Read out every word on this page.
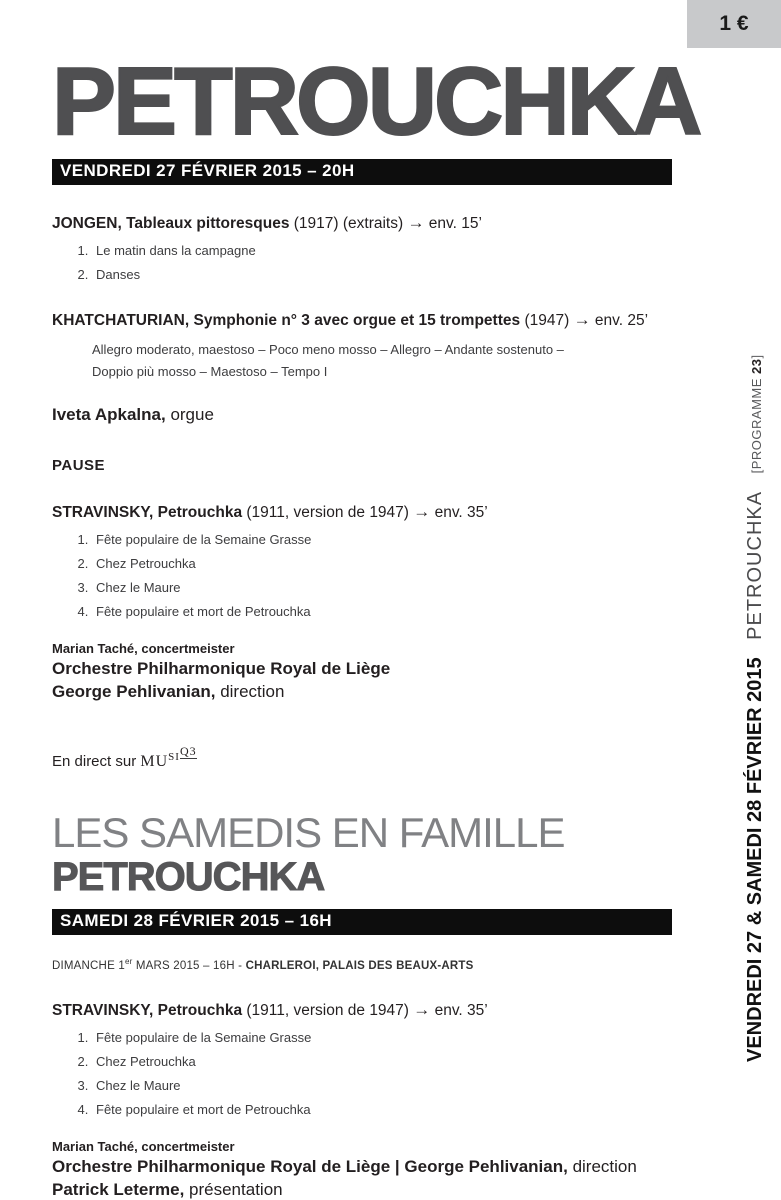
1 €
VENDREDI 27 & SAMEDI 28 FÉVRIER 2015 PETROUCHKA [PROGRAMME 23]
PETROUCHKA
VENDREDI 27 FÉVRIER 2015 – 20H

JONGEN, Tableaux pittoresques (1917) (extraits) → env. 15’

1. Le matin dans la campagne
2. Danses

KHATCHATURIAN, Symphonie n° 3 avec orgue et 15 trompettes (1947) → env. 25’

Allegro moderato, maestoso – Poco meno mosso – Allegro – Andante sostenuto –

Doppio più mosso – Maestoso – Tempo I

Iveta Apkalna, orgue

PAUSE

STRAVINSKY, Petrouchka (1911, version de 1947) → env. 35’

1. Fête populaire de la Semaine Grasse
2. Chez Petrouchka
3. Chez le Maure
4. Fête populaire et mort de Petrouchka

Marian Taché, concertmeister

Orchestre Philharmonique Royal de Liège

George Pehlivanian, direction

En direct sur $MU^{SIQ3}$

LES SAMEDIS EN FAMILLE
PETROUCHKA
SAMEDI 28 FÉVRIER 2015 – 16H

DIMANCHE 1er MARS 2015 – 16H - CHARLEROI, PALAIS DES BEAUX-ARTS

STRAVINSKY, Petrouchka (1911, version de 1947) → env. 35’

1. Fête populaire de la Semaine Grasse
2. Chez Petrouchka
3. Chez le Maure
4. Fête populaire et mort de Petrouchka

Marian Taché, concertmeister

Orchestre Philharmonique Royal de Liège | George Pehlivanian, direction

Patrick Leterme, présentation
